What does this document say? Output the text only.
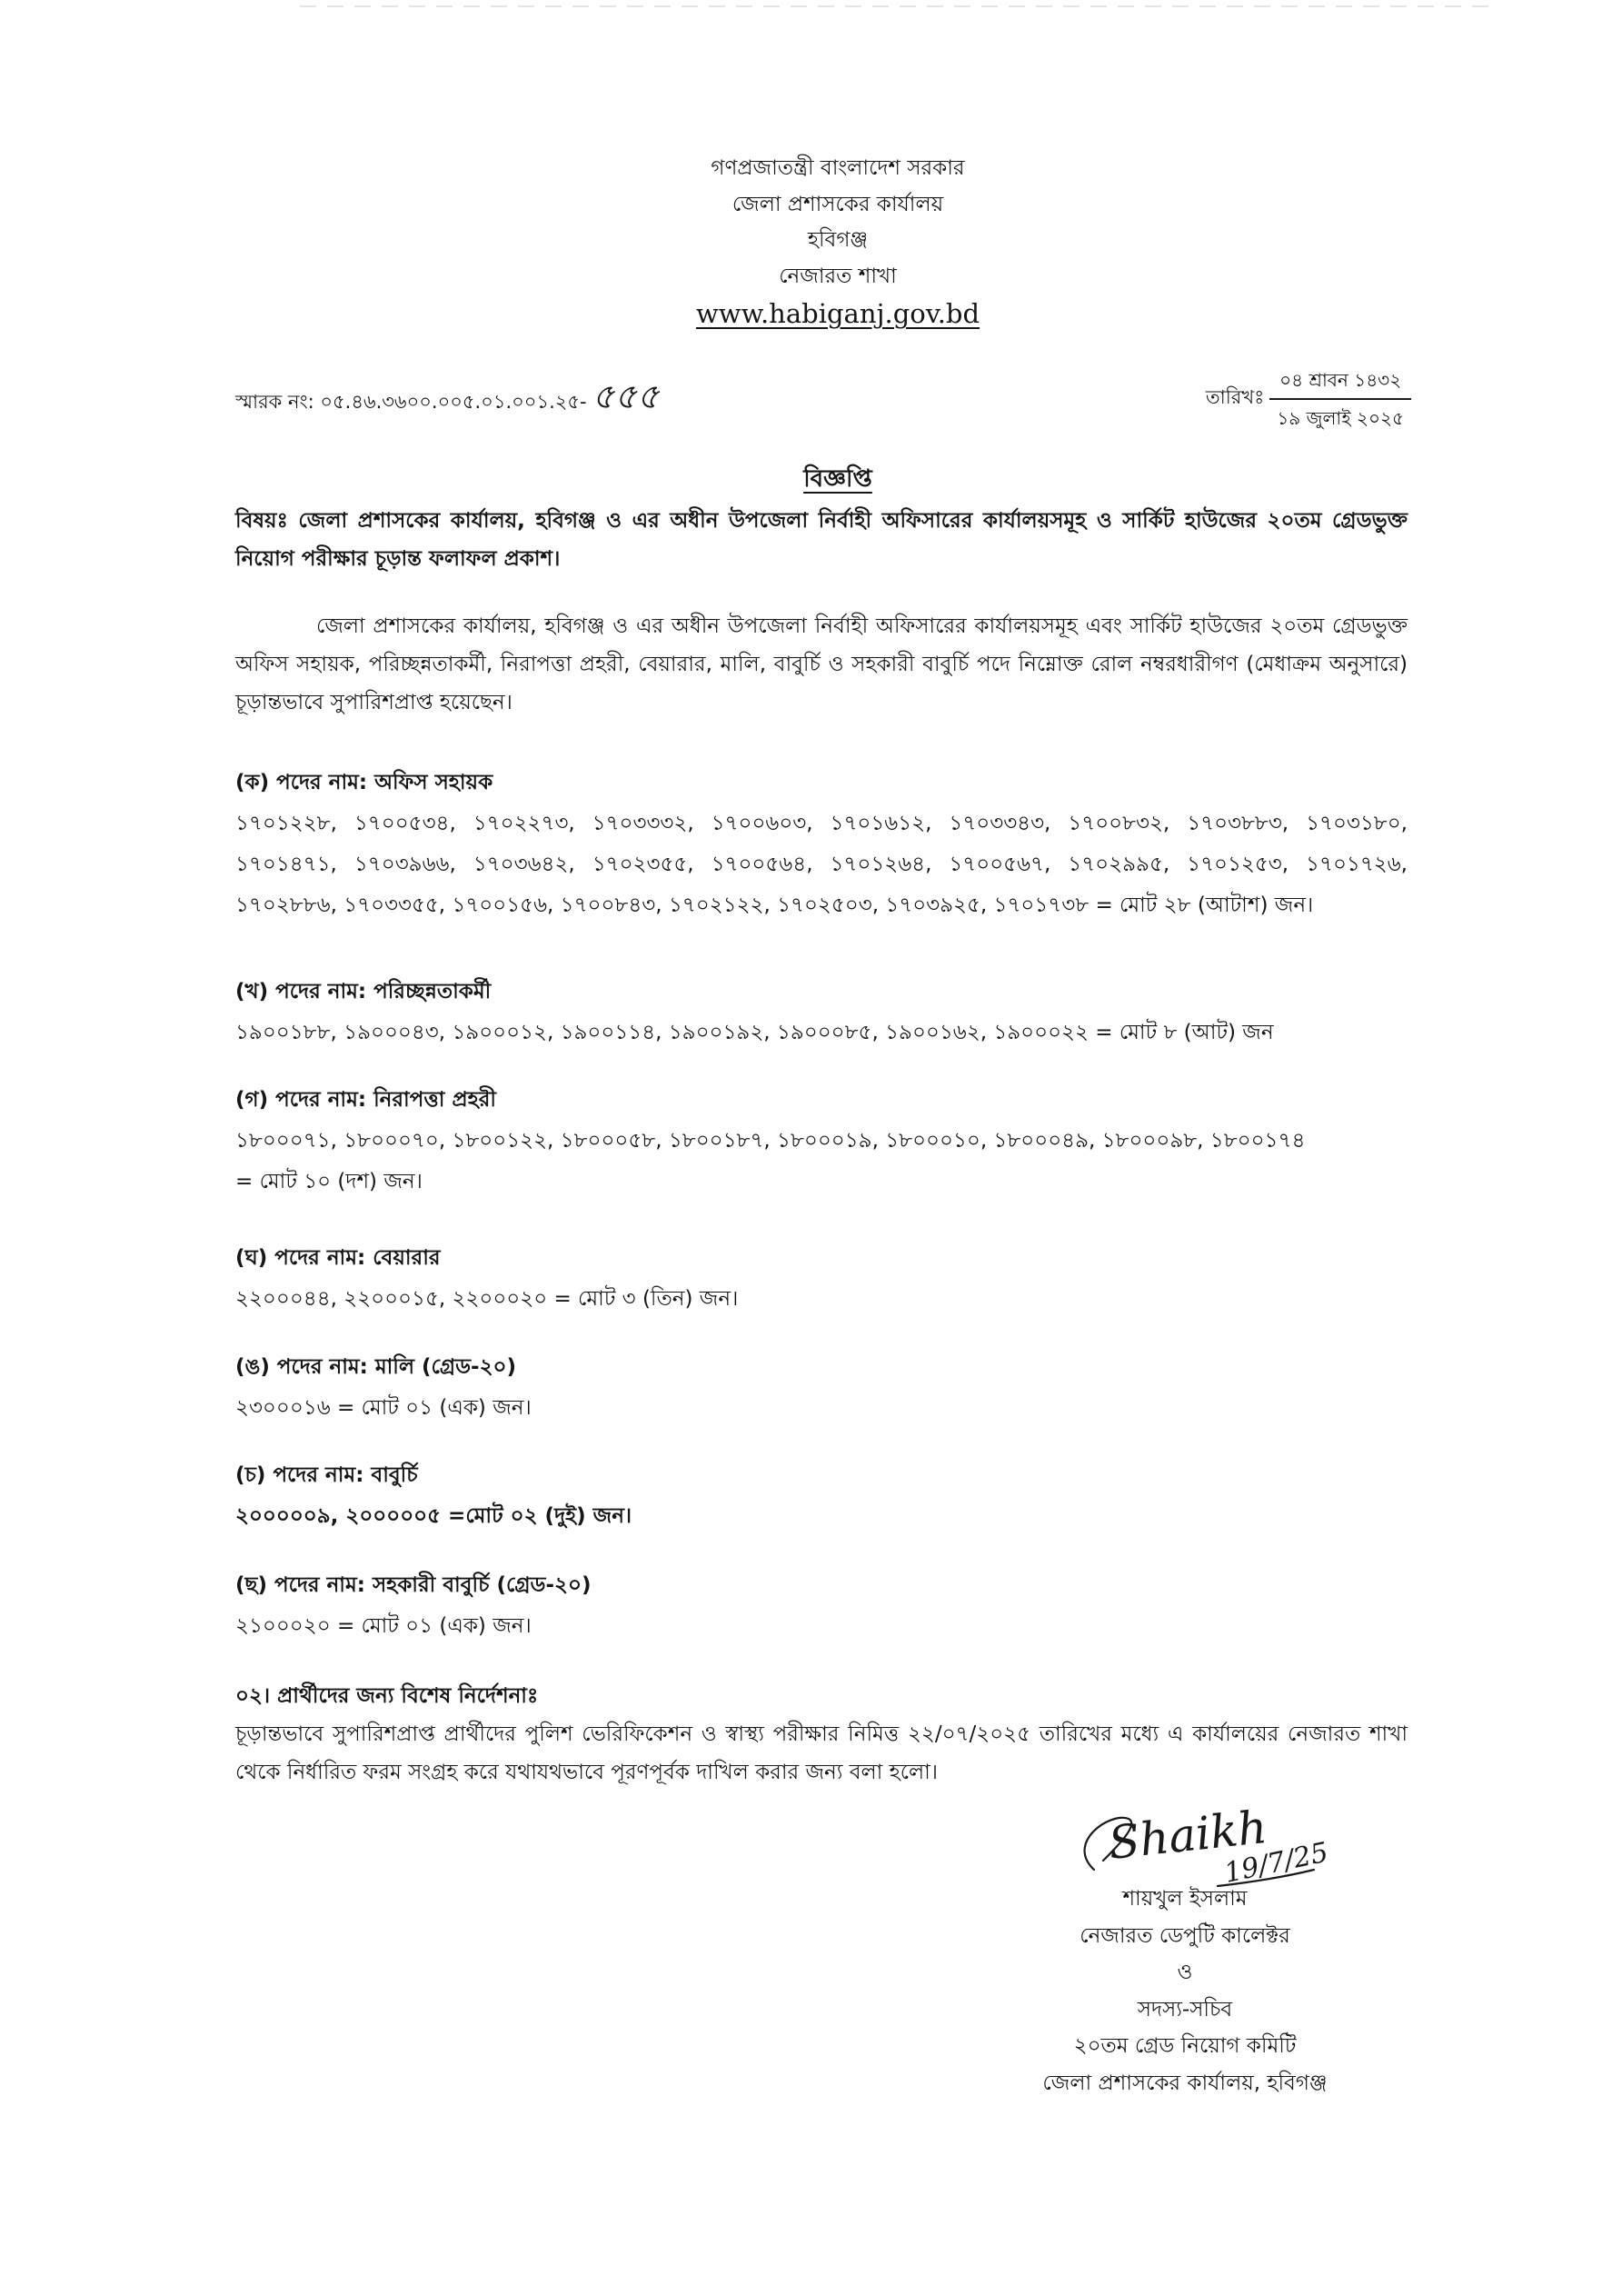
গণপ্রজাতন্ত্রী বাংলাদেশ সরকার
জেলা প্রশাসকের কার্যালয়
হবিগঞ্জ
নেজারত শাখা
www.habiganj.gov.bd
স্মারক নং: ০৫.৪৬.৩৬০০.০০৫.০১.০০১.২৫- ৫৫৫	তারিখঃ $\frac{\text{০৪ শ্রাবন ১৪৩২}}{\text{১৯ জুলাই ২০২৫}}$
বিজ্ঞপ্তি
বিষয়ঃ জেলা প্রশাসকের কার্যালয়, হবিগঞ্জ ও এর অধীন উপজেলা নির্বাহী অফিসারের কার্যালয়সমূহ ও সার্কিট হাউজের ২০তম গ্রেডভুক্ত নিয়োগ পরীক্ষার চূড়ান্ত ফলাফল প্রকাশ।
জেলা প্রশাসকের কার্যালয়, হবিগঞ্জ ও এর অধীন উপজেলা নির্বাহী অফিসারের কার্যালয়সমূহ এবং সার্কিট হাউজের ২০তম গ্রেডভুক্ত অফিস সহায়ক, পরিচ্ছন্নতাকর্মী, নিরাপত্তা প্রহরী, বেয়ারার, মালি, বাবুর্চি ও সহকারী বাবুর্চি পদে নিম্নোক্ত রোল নম্বরধারীগণ (মেধাক্রম অনুসারে) চূড়ান্তভাবে সুপারিশপ্রাপ্ত হয়েছেন।
(ক) পদের নাম: অফিস সহায়ক
১৭০১২২৮, ১৭০০৫৩৪, ১৭০২২৭৩, ১৭০৩৩৩২, ১৭০০৬০৩, ১৭০১৬১২, ১৭০৩৩৪৩, ১৭০০৮৩২, ১৭০৩৮৮৩, ১৭০৩১৮০,
১৭০১৪৭১, ১৭০৩৯৬৬, ১৭০৩৬৪২, ১৭০২৩৫৫, ১৭০০৫৬৪, ১৭০১২৬৪, ১৭০০৫৬৭, ১৭০২৯৯৫, ১৭০১২৫৩, ১৭০১৭২৬,
১৭০২৮৮৬, ১৭০৩৩৫৫, ১৭০০১৫৬, ১৭০০৮৪৩, ১৭০২১২২, ১৭০২৫০৩, ১৭০৩৯২৫, ১৭০১৭৩৮ = মোট ২৮ (আটাশ) জন।
(খ) পদের নাম: পরিচ্ছন্নতাকর্মী
১৯০০১৮৮, ১৯০০০৪৩, ১৯০০০১২, ১৯০০১১৪, ১৯০০১৯২, ১৯০০০৮৫, ১৯০০১৬২, ১৯০০০২২ = মোট ৮ (আট) জন
(গ) পদের নাম: নিরাপত্তা প্রহরী
১৮০০০৭১, ১৮০০০৭০, ১৮০০১২২, ১৮০০০৫৮, ১৮০০১৮৭, ১৮০০০১৯, ১৮০০০১০, ১৮০০০৪৯, ১৮০০০৯৮, ১৮০০১৭৪
= মোট ১০ (দশ) জন।
(ঘ) পদের নাম: বেয়ারার
২২০০০৪৪, ২২০০০১৫, ২২০০০২০ = মোট ৩ (তিন) জন।
(ঙ) পদের নাম: মালি (গ্রেড-২০)
২৩০০০১৬ = মোট ০১ (এক) জন।
(চ) পদের নাম: বাবুর্চি
২০০০০০৯, ২০০০০০৫ =মোট ০২ (দুই) জন।
(ছ) পদের নাম: সহকারী বাবুর্চি (গ্রেড-২০)
২১০০০২০ = মোট ০১ (এক) জন।
০২। প্রার্থীদের জন্য বিশেষ নির্দেশনাঃ
চূড়ান্তভাবে সুপারিশপ্রাপ্ত প্রার্থীদের পুলিশ ভেরিফিকেশন ও স্বাস্থ্য পরীক্ষার নিমিত্ত ২২/০৭/২০২৫ তারিখের মধ্যে এ কার্যালয়ের নেজারত শাখা থেকে নির্ধারিত ফরম সংগ্রহ করে যথাযথভাবে পূরণপূর্বক দাখিল করার জন্য বলা হলো।
Shaikh
19/7/25
শায়খুল ইসলাম
নেজারত ডেপুটি কালেক্টর
ও
সদস্য-সচিব
২০তম গ্রেড নিয়োগ কমিটি
জেলা প্রশাসকের কার্যালয়, হবিগঞ্জ
